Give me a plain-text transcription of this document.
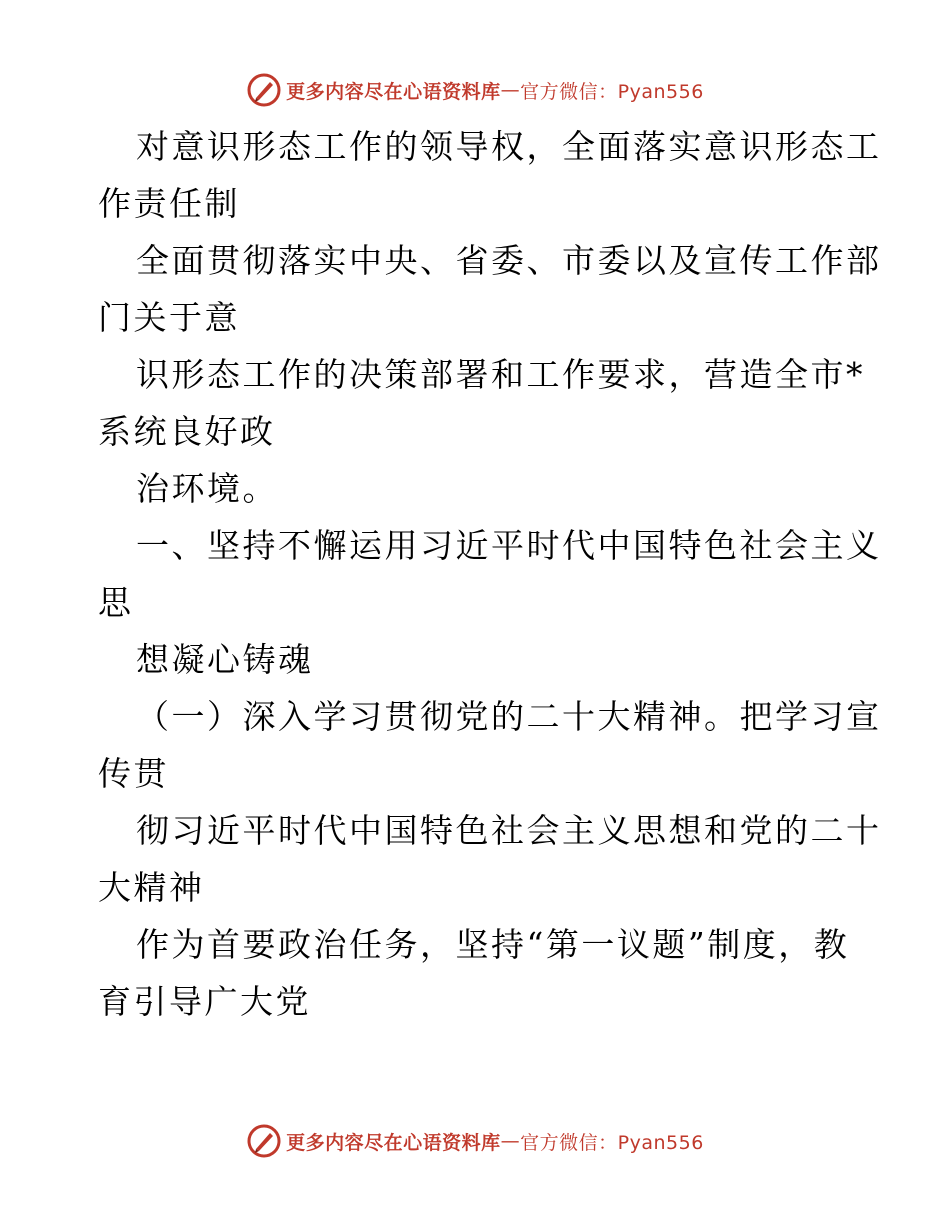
更多内容尽在心语资料库 — 官方微信：Pyan556
对意识形态工作的领导权，全面落实意识形态工
作责任制
全面贯彻落实中央、省委、市委以及宣传工作部
门关于意
识形态工作的决策部署和工作要求，营造全市*
系统良好政
治环境。
一、坚持不懈运用习近平时代中国特色社会主义
思
想凝心铸魂
（一）深入学习贯彻党的二十大精神。把学习宣
传贯
彻习近平时代中国特色社会主义思想和党的二十
大精神
作为首要政治任务，坚持“第一议题”制度，教
育引导广大党
更多内容尽在心语资料库 — 官方微信：Pyan556
